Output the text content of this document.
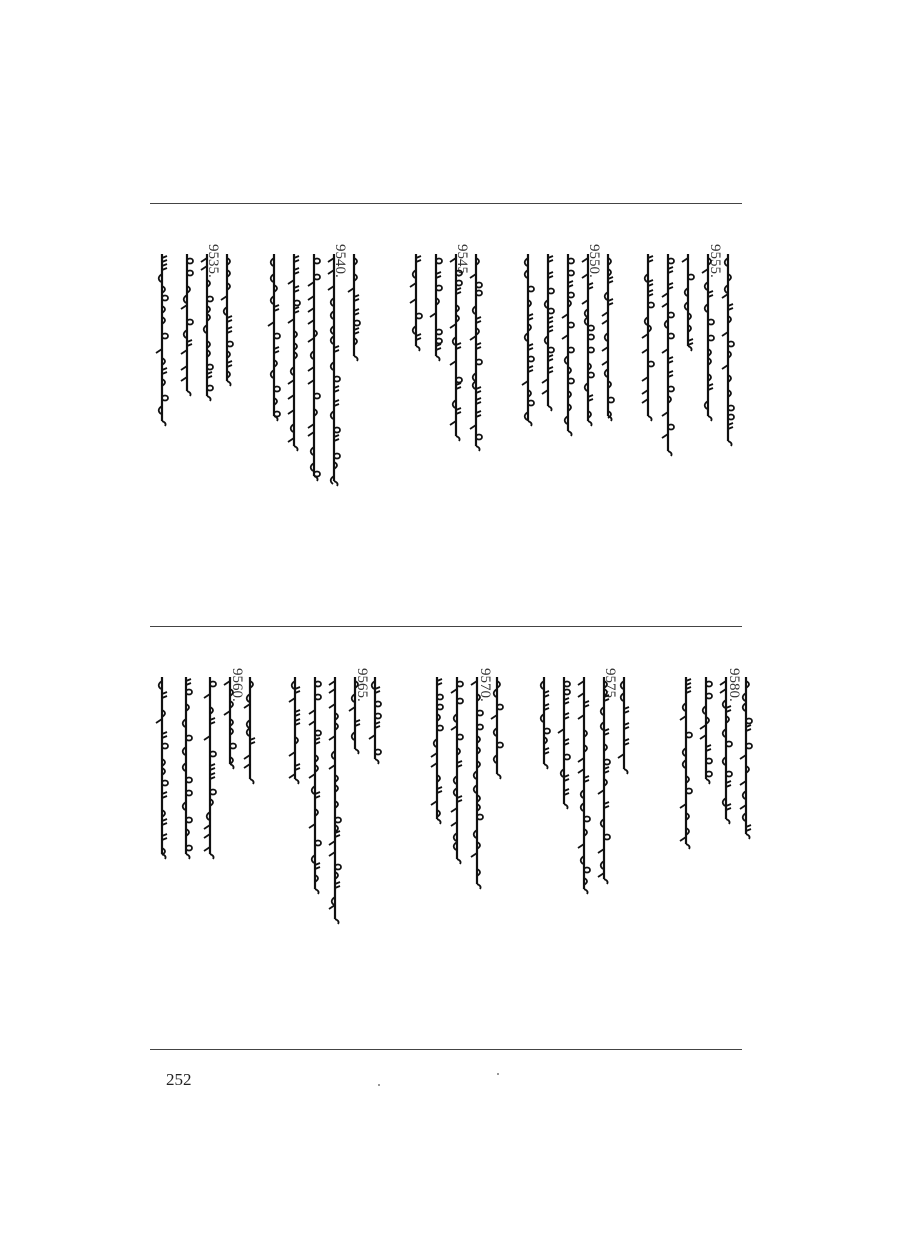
9555.
9550.
9545.
9540.
9535.
9580.
9575.
9570.
9565.
9560.
252
